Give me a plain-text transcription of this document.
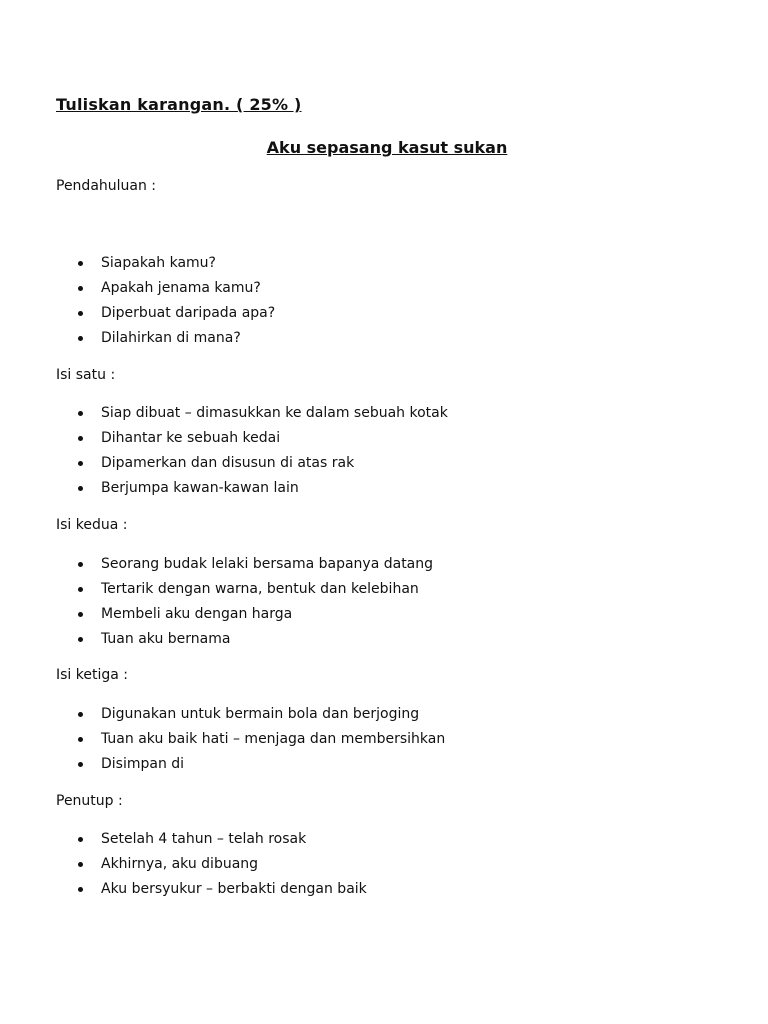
Tuliskan karangan. ( 25% )
Aku sepasang kasut sukan
Pendahuluan :
Siapakah kamu?
Apakah jenama kamu?
Diperbuat daripada apa?
Dilahirkan di mana?
Isi satu :
Siap dibuat – dimasukkan ke dalam sebuah kotak
Dihantar ke sebuah kedai
Dipamerkan dan disusun di atas rak
Berjumpa kawan-kawan lain
Isi kedua :
Seorang budak lelaki bersama bapanya datang
Tertarik dengan warna, bentuk dan kelebihan
Membeli aku dengan harga
Tuan aku bernama
Isi ketiga :
Digunakan untuk bermain bola dan berjoging
Tuan aku baik hati – menjaga dan membersihkan
Disimpan di
Penutup :
Setelah 4 tahun – telah rosak
Akhirnya, aku dibuang
Aku bersyukur – berbakti dengan baik
